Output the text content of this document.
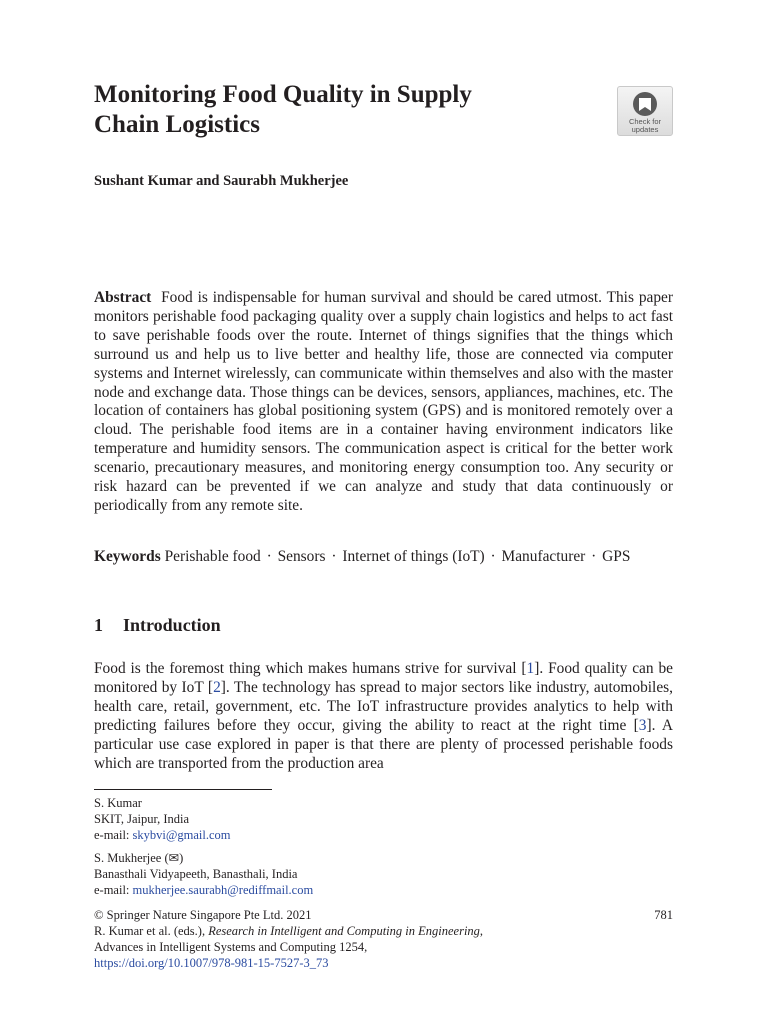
Monitoring Food Quality in Supply
Chain Logistics	Check for
updates
Sushant Kumar and Saurabh Mukherjee
Abstract Food is indispensable for human survival and should be cared utmost. This paper monitors perishable food packaging quality over a supply chain logistics and helps to act fast to save perishable foods over the route. Internet of things signifies that the things which surround us and help us to live better and healthy life, those are connected via computer systems and Internet wirelessly, can communicate within themselves and also with the master node and exchange data. Those things can be devices, sensors, appliances, machines, etc. The location of containers has global positioning system (GPS) and is monitored remotely over a cloud. The perishable food items are in a container having environment indicators like temperature and humidity sensors. The communication aspect is critical for the better work scenario, precautionary measures, and monitoring energy consumption too. Any security or risk hazard can be prevented if we can analyze and study that data continuously or periodically from any remote site.
Keywords Perishable food · Sensors · Internet of things (IoT) · Manufacturer · GPS
1 Introduction
Food is the foremost thing which makes humans strive for survival [1]. Food quality can be monitored by IoT [2]. The technology has spread to major sectors like industry, automobiles, health care, retail, government, etc. The IoT infrastructure provides analytics to help with predicting failures before they occur, giving the ability to react at the right time [3]. A particular use case explored in paper is that there are plenty of processed perishable foods which are transported from the production area
S. Kumar
SKIT, Jaipur, India
e-mail: skybvi@gmail.com
S. Mukherjee (✉)
Banasthali Vidyapeeth, Banasthali, India
e-mail: mukherjee.saurabh@rediffmail.com
© Springer Nature Singapore Pte Ltd. 2021	781
R. Kumar et al. (eds.), Research in Intelligent and Computing in Engineering,
Advances in Intelligent Systems and Computing 1254,
https://doi.org/10.1007/978-981-15-7527-3_73
